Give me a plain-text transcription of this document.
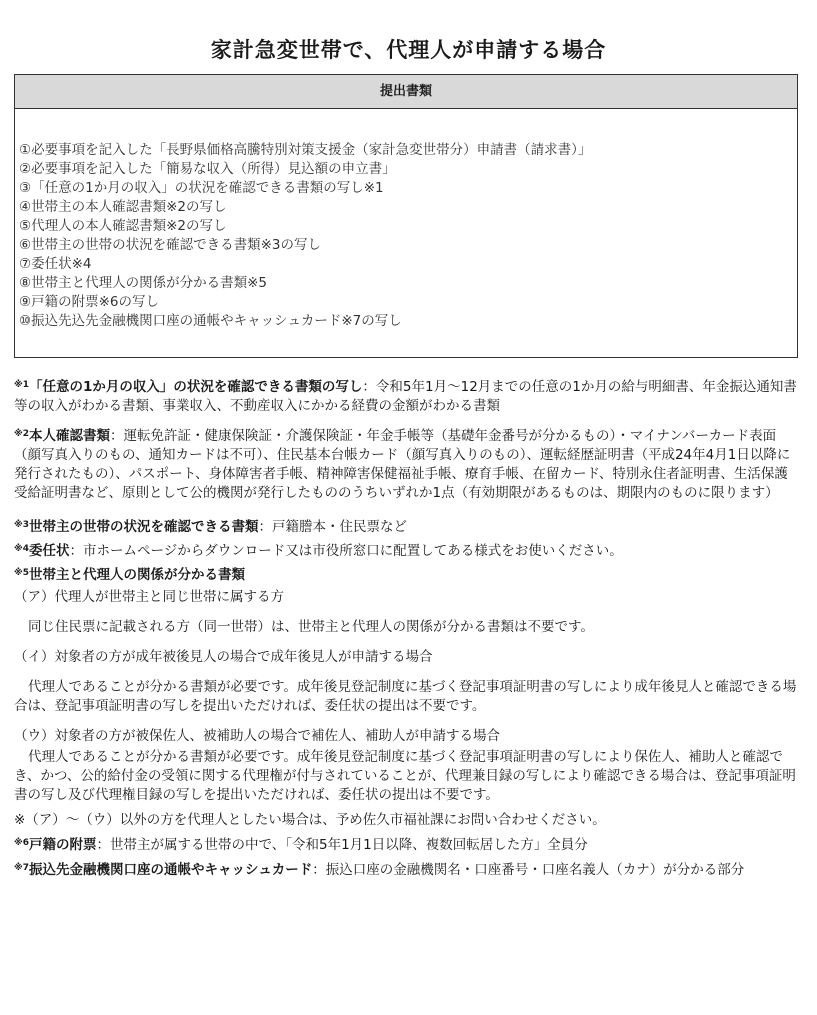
家計急変世帯で、代理人が申請する場合
提出書類
①必要事項を記入した「長野県価格高騰特別対策支援金（家計急変世帯分）申請書（請求書）」
②必要事項を記入した「簡易な収入（所得）見込額の申立書」
③「任意の1か月の収入」の状況を確認できる書類の写し※1
④世帯主の本人確認書類※2の写し
⑤代理人の本人確認書類※2の写し
⑥世帯主の世帯の状況を確認できる書類※3の写し
⑦委任状※4
⑧世帯主と代理人の関係が分かる書類※5
⑨戸籍の附票※6の写し
⑩振込先込先金融機関口座の通帳やキャッシュカード※7の写し

$^{※1}$「任意の1か月の収入」の状況を確認できる書類の写し：令和5年1月～12月までの任意の1か月の給与明細書、年金振込通知書等の収入がわかる書類、事業収入、不動産収入にかかる経費の金額がわかる書類

$^{※2}$本人確認書類：運転免許証・健康保険証・介護保険証・年金手帳等（基礎年金番号が分かるもの）・マイナンバーカード表面（顔写真入りのもの、通知カードは不可）、住民基本台帳カード（顔写真入りのもの）、運転経歴証明書（平成24年4月1日以降に発行されたもの）、パスポート、身体障害者手帳、精神障害保健福祉手帳、療育手帳、在留カード、特別永住者証明書、生活保護受給証明書など、原則として公的機関が発行したもののうちいずれか1点（有効期限があるものは、期限内のものに限ります）

$^{※3}$世帯主の世帯の状況を確認できる書類：戸籍謄本・住民票など

$^{※4}$委任状：市ホームページからダウンロード又は市役所窓口に配置してある様式をお使いください。

$^{※5}$世帯主と代理人の関係が分かる書類

（ア）代理人が世帯主と同じ世帯に属する方

同じ住民票に記載される方（同一世帯）は、世帯主と代理人の関係が分かる書類は不要です。

（イ）対象者の方が成年被後見人の場合で成年後見人が申請する場合

代理人であることが分かる書類が必要です。成年後見登記制度に基づく登記事項証明書の写しにより成年後見人と確認できる場合は、登記事項証明書の写しを提出いただければ、委任状の提出は不要です。

（ウ）対象者の方が被保佐人、被補助人の場合で補佐人、補助人が申請する場合

代理人であることが分かる書類が必要です。成年後見登記制度に基づく登記事項証明書の写しにより保佐人、補助人と確認でき、かつ、公的給付金の受領に関する代理権が付与されていることが、代理兼目録の写しにより確認できる場合は、登記事項証明書の写し及び代理権目録の写しを提出いただければ、委任状の提出は不要です。

※（ア）～（ウ）以外の方を代理人としたい場合は、予め佐久市福祉課にお問い合わせください。

$^{※6}$戸籍の附票：世帯主が属する世帯の中で、「令和5年1月1日以降、複数回転居した方」全員分

$^{※7}$振込先金融機関口座の通帳やキャッシュカード：振込口座の金融機関名・口座番号・口座名義人（カナ）が分かる部分
